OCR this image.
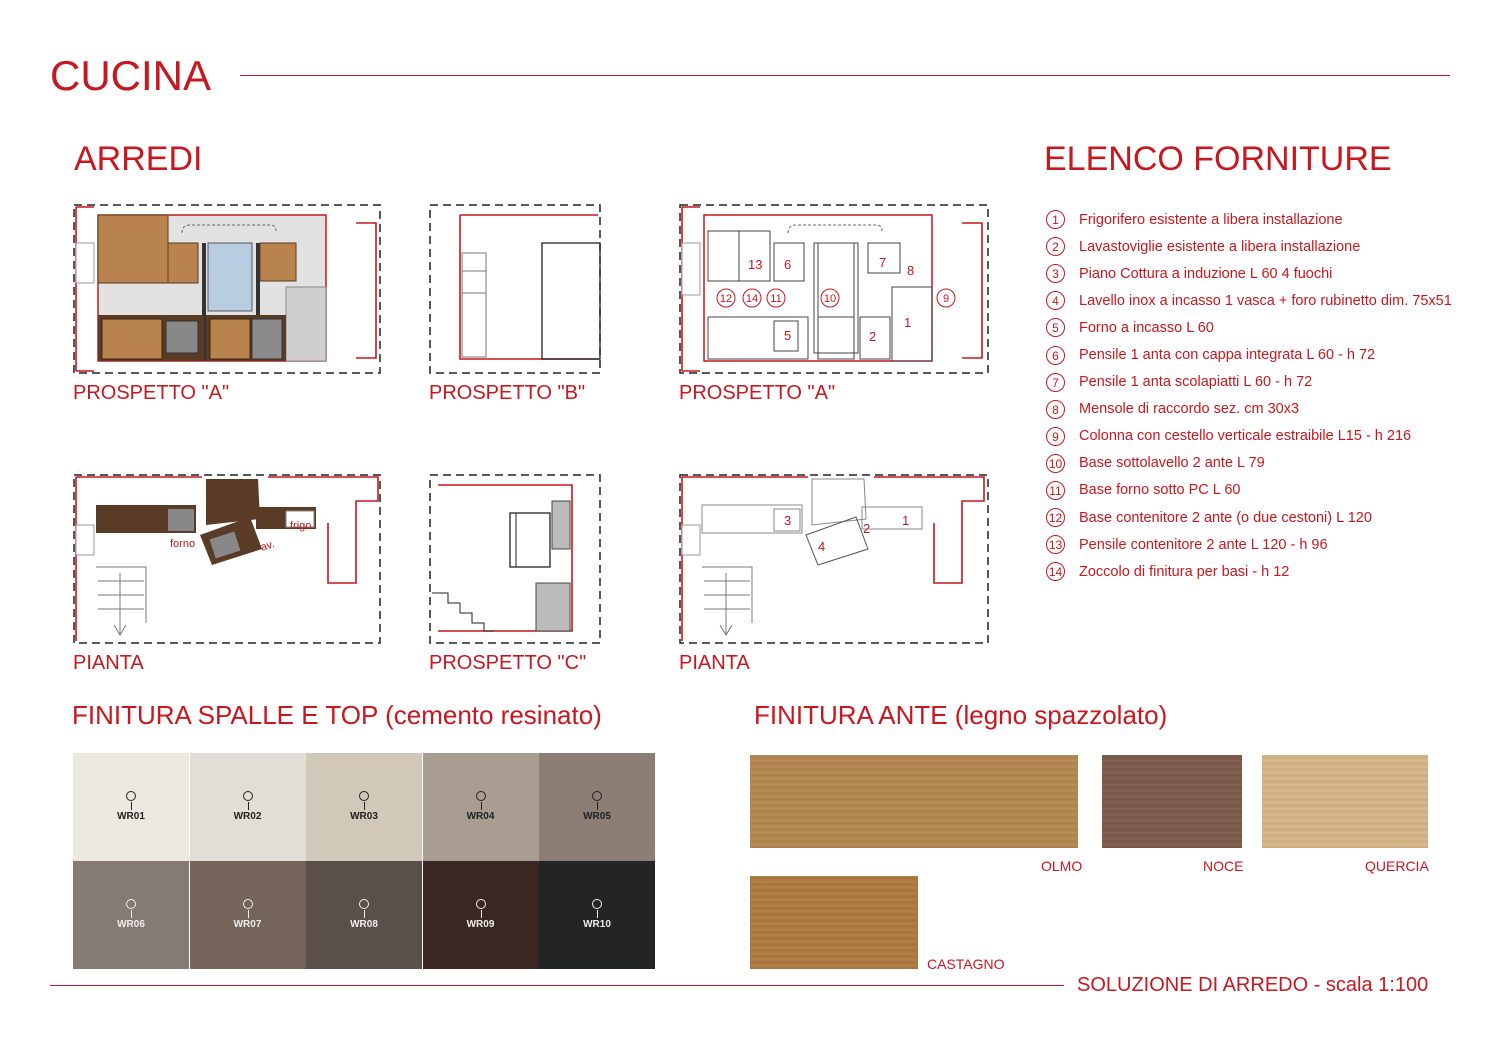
CUCINA
ARREDI	ELENCO FORNITURE
PROSPETTO "A"	PROSPETTO "B"
13 6	7
8
1
5	2
12 14 11	10	9
PROSPETTO "A"
forno
frigo
av.
PIANTA	PROSPETTO "C"
3
2
1
4
PIANTA
1	Frigorifero esistente a libera installazione
2	Lavastoviglie esistente a libera installazione
3	Piano Cottura a induzione L 60 4 fuochi
4	Lavello inox a incasso 1 vasca + foro rubinetto dim. 75x51
5	Forno a incasso L 60
6	Pensile 1 anta con cappa integrata L 60 - h 72
7	Pensile 1 anta scolapiatti L 60 - h 72
8	Mensole di raccordo sez. cm 30x3
9	Colonna con cestello verticale estraibile L15 - h 216
10 Base sottolavello 2 ante L 79
11 Base forno sotto PC L 60
12 Base contenitore 2 ante (o due cestoni) L 120
13 Pensile contenitore 2 ante L 120 - h 96
14 Zoccolo di finitura per basi - h 12
FINITURA SPALLE E TOP (cemento resinato)	FINITURA ANTE (legno spazzolato)
WR01	WR02	WR03	WR04	WR05
WR06	WR07	WR08	WR09	WR10
OLMO	NOCE	QUERCIA
CASTAGNO
SOLUZIONE DI ARREDO - scala 1:100
